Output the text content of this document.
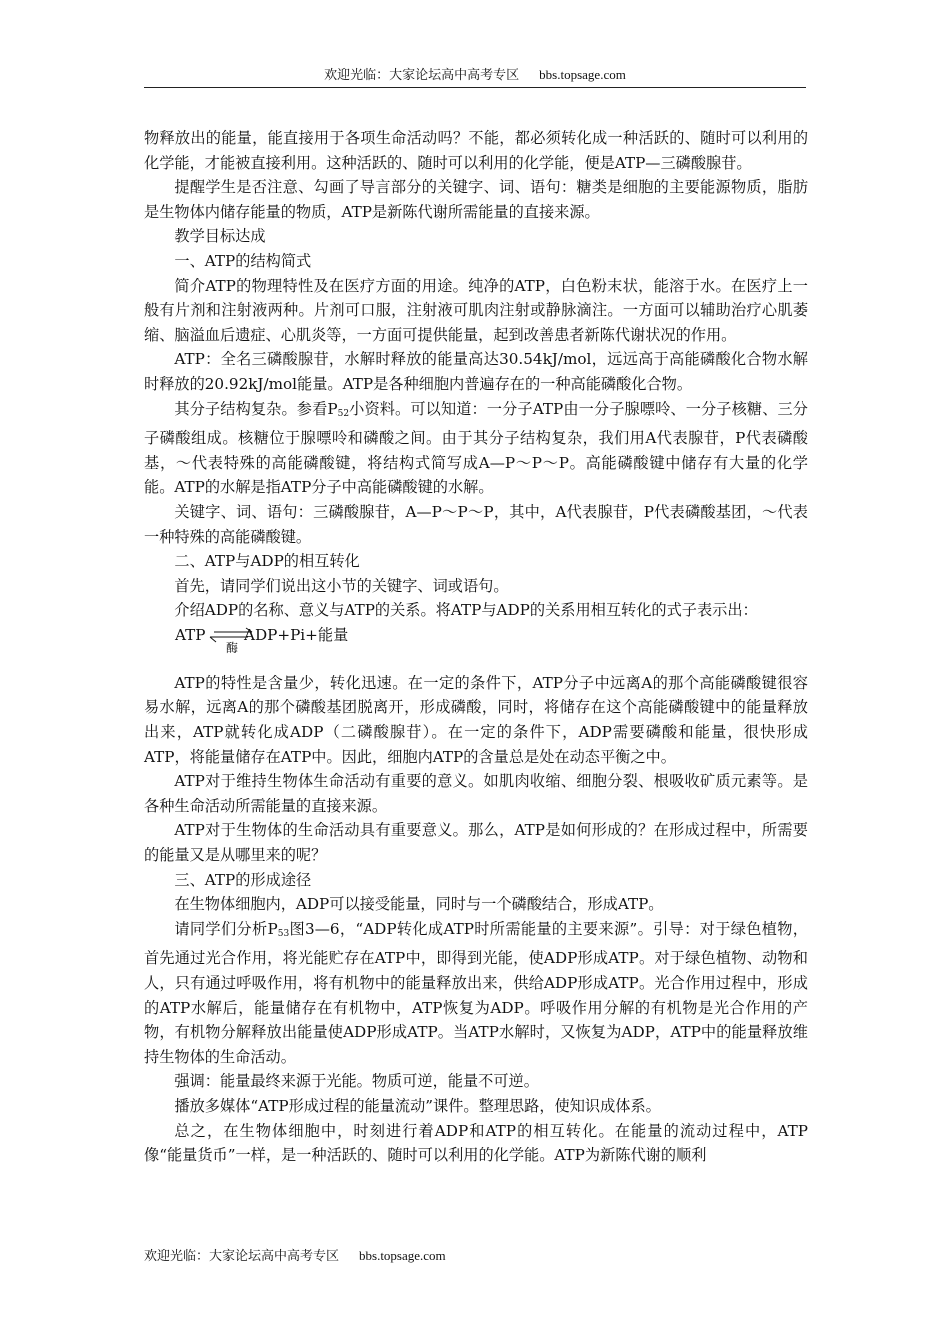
欢迎光临：大家论坛高中高考专区 bbs.topsage.com

物释放出的能量，能直接用于各项生命活动吗？不能，都必须转化成一种活跃的、随时可以利用的化学能，才能被直接利用。这种活跃的、随时可以利用的化学能，便是ATP—三磷酸腺苷。

提醒学生是否注意、勾画了导言部分的关键字、词、语句：糖类是细胞的主要能源物质，脂肪是生物体内储存能量的物质，ATP是新陈代谢所需能量的直接来源。

教学目标达成

一、ATP的结构简式

简介ATP的物理特性及在医疗方面的用途。纯净的ATP，白色粉末状，能溶于水。在医疗上一般有片剂和注射液两种。片剂可口服，注射液可肌肉注射或静脉滴注。一方面可以辅助治疗心肌萎缩、脑溢血后遗症、心肌炎等，一方面可提供能量，起到改善患者新陈代谢状况的作用。

ATP：全名三磷酸腺苷，水解时释放的能量高达30.54kJ/mol，远远高于高能磷酸化合物水解时释放的20.92kJ/mol能量。ATP是各种细胞内普遍存在的一种高能磷酸化合物。

其分子结构复杂。参看$P_{52}$小资料。可以知道：一分子ATP由一分子腺嘌呤、一分子核糖、三分子磷酸组成。核糖位于腺嘌呤和磷酸之间。由于其分子结构复杂，我们用A代表腺苷，P代表磷酸基，～代表特殊的高能磷酸键，将结构式简写成A—P～P～P。高能磷酸键中储存有大量的化学能。ATP的水解是指ATP分子中高能磷酸键的水解。

关键字、词、语句：三磷酸腺苷，A—P～P～P，其中，A代表腺苷，P代表磷酸基团，～代表一种特殊的高能磷酸键。

二、ATP与ADP的相互转化

首先，请同学们说出这小节的关键字、词或语句。

介绍ADP的名称、意义与ATP的关系。将ATP与ADP的关系用相互转化的式子表示出：

ATP ⇌
酶
ADP+Pi+能量

ATP的特性是含量少，转化迅速。在一定的条件下，ATP分子中远离A的那个高能磷酸键很容易水解，远离A的那个磷酸基团脱离开，形成磷酸，同时，将储存在这个高能磷酸键中的能量释放出来，ATP就转化成ADP（二磷酸腺苷）。在一定的条件下，ADP需要磷酸和能量，很快形成ATP，将能量储存在ATP中。因此，细胞内ATP的含量总是处在动态平衡之中。

ATP对于维持生物体生命活动有重要的意义。如肌肉收缩、细胞分裂、根吸收矿质元素等。是各种生命活动所需能量的直接来源。

ATP对于生物体的生命活动具有重要意义。那么，ATP是如何形成的？在形成过程中，所需要的能量又是从哪里来的呢？

三、ATP的形成途径

在生物体细胞内，ADP可以接受能量，同时与一个磷酸结合，形成ATP。

请同学们分析$P_{53}$图3—6，“ADP转化成ATP时所需能量的主要来源”。引导：对于绿色植物，首先通过光合作用，将光能贮存在ATP中，即得到光能，使ADP形成ATP。对于绿色植物、动物和人，只有通过呼吸作用，将有机物中的能量释放出来，供给ADP形成ATP。光合作用过程中，形成的ATP水解后，能量储存在有机物中，ATP恢复为ADP。呼吸作用分解的有机物是光合作用的产物，有机物分解释放出能量使ADP形成ATP。当ATP水解时，又恢复为ADP，ATP中的能量释放维持生物体的生命活动。

强调：能量最终来源于光能。物质可逆，能量不可逆。

播放多媒体“ATP形成过程的能量流动”课件。整理思路，使知识成体系。

总之，在生物体细胞中，时刻进行着ADP和ATP的相互转化。在能量的流动过程中，ATP像“能量货币”一样，是一种活跃的、随时可以利用的化学能。ATP为新陈代谢的顺利

欢迎光临：大家论坛高中高考专区 bbs.topsage.com
